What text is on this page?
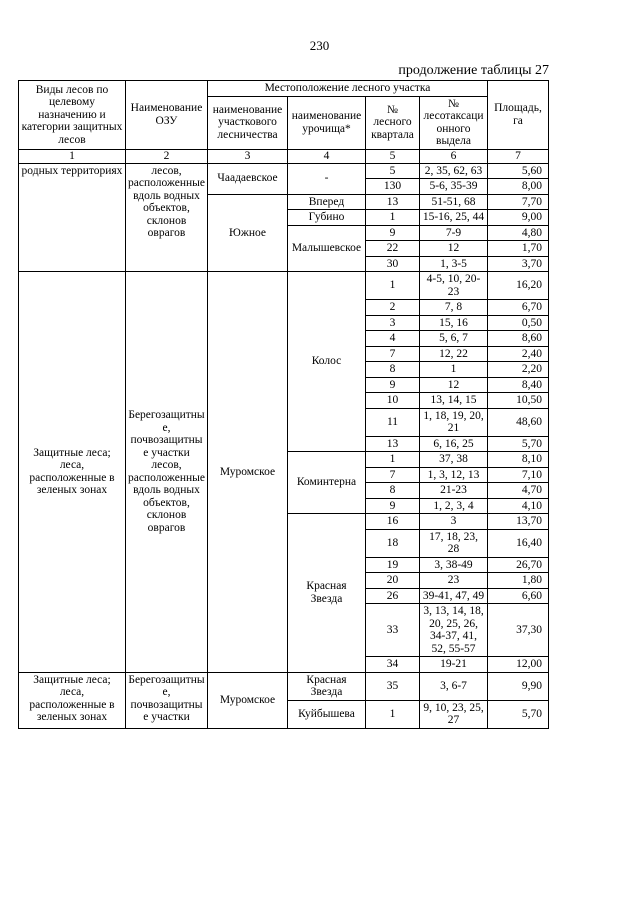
230
продолжение таблицы 27
Виды лесов по целевому назначению и категории защитных лесов	Наименование ОЗУ	Местоположение лесного участка				Площадь, га
		наименование участкового лесничества	наименование урочища*	№ лесного квартала	№ лесотаксационного выдела	
1	2	3	4	5	6	7
родных территориях	лесов, расположенные вдоль водных объектов, склонов оврагов	Чаадаевское	-	5	2, 35, 62, 63	5,60
				130	5-6, 35-39	8,00
		Южное	Вперед	13	51-51, 68	7,70
			Губино	1	15-16, 25, 44	9,00
			Малышевское	9	7-9	4,80
				22	12	1,70
				30	1, 3-5	3,70
Защитные леса; леса, расположенные в зеленых зонах	Берегозащитные, почвозащитные участки лесов, расположенные вдоль водных объектов, склонов оврагов	Муромское	Колос	1	4-5, 10, 20-23	16,20
				2	7, 8	6,70
				3	15, 16	0,50
				4	5, 6, 7	8,60
				7	12, 22	2,40
				8	1	2,20
				9	12	8,40
				10	13, 14, 15	10,50
				11	1, 18, 19, 20, 21	48,60
				13	6, 16, 25	5,70
			Коминтерна	1	37, 38	8,10
				7	1, 3, 12, 13	7,10
				8	21-23	4,70
				9	1, 2, 3, 4	4,10
			Красная Звезда	16	3	13,70
				18	17, 18, 23, 28	16,40
				19	3, 38-49	26,70
				20	23	1,80
				26	39-41, 47, 49	6,60
				33	3, 13, 14, 18, 20, 25, 26, 34-37, 41, 52, 55-57	37,30
				34	19-21	12,00
Защитные леса; леса, расположенные в зеленых зонах	Берегозащитные, почвозащитные участки	Муромское	Красная Звезда	35	3, 6-7	9,90
			Куйбышева	1	9, 10, 23, 25, 27	5,70
